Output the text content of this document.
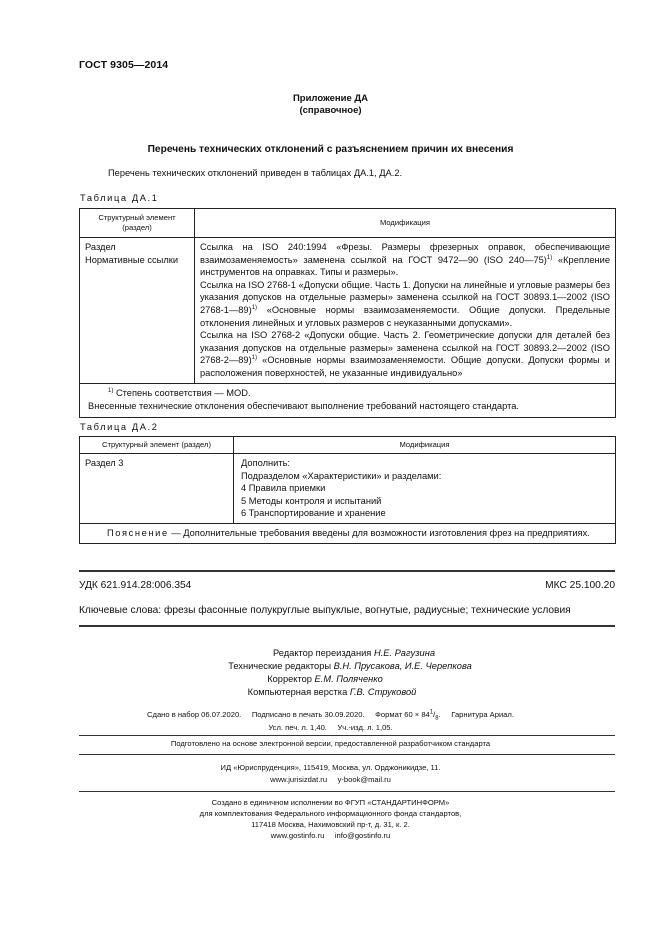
ГОСТ 9305—2014
Приложение ДА
(справочное)
Перечень технических отклонений с разъяснением причин их внесения
Перечень технических отклонений приведен в таблицах ДА.1, ДА.2.
Таблица ДА.1
Структурный элемент (раздел)	Модификация

Раздел
Нормативные ссылки	Ссылка на ISO 240:1994 «Фрезы. Размеры фрезерных оправок, обеспечивающие взаимозаменяемость» заменена ссылкой на ГОСТ 9472—90 (ISO 240—75)$^{1)}$ «Крепление инструментов на оправках. Типы и размеры».
Ссылка на ISO 2768-1 «Допуски общие. Часть 1. Допуски на линейные и угловые размеры без указания допусков на отдельные размеры» заменена ссылкой на ГОСТ 30893.1—2002 (ISO 2768-1—89)$^{1)}$ «Основные нормы взаимозаменяемости. Общие допуски. Предельные отклонения линейных и угловых размеров с неуказанными допусками».
Ссылка на ISO 2768-2 «Допуски общие. Часть 2. Геометрические допуски для деталей без указания допусков на отдельные размеры» заменена ссылкой на ГОСТ 30893.2—2002 (ISO 2768-2—89)$^{1)}$ «Основные нормы взаимозаменяемости. Общие допуски. Допуски формы и расположения поверхностей, не указанные индивидуально»

$^{1)}$ Степень соответствия — MOD.
Внесенные технические отклонения обеспечивают выполнение требований настоящего стандарта.	
Таблица ДА.2
Структурный элемент (раздел)	Модификация
Раздел 3	Дополнить:
Подразделом «Характеристики» и разделами:
4 Правила приемки
5 Методы контроля и испытаний
6 Транспортирование и хранение

Пояснение — Дополнительные требования введены для возможности изготовления фрез на предприятиях.	
УДК 621.914.28:006.354	МКС 25.100.20
Ключевые слова: фрезы фасонные полукруглые выпуклые, вогнутые, радиусные; технические условия
Редактор переиздания Н.Е. Рагузина
Технические редакторы В.Н. Прусакова, И.Е. Черепкова
Корректор Е.М. Поляченко
Компьютерная верстка Г.В. Струковой
Сдано в набор 06.07.2020.     Подписано в печать 30.09.2020.     Формат $60 \times 84^1/_8$.     Гарнитура Ариал.
Усл. печ. л. 1,40.     Уч.-изд. л. 1,05.
Подготовлено на основе электронной версии, предоставленной разработчиком стандарта
ИД «Юриспруденция», 115419, Москва, ул. Орджоникидзе, 11.
www.jurisizdat.ru     y-book@mail.ru
Создано в единичном исполнении во ФГУП «СТАНДАРТИНФОРМ»
для комплектования Федерального информационного фонда стандартов,
117418 Москва, Нахимовский пр-т, д. 31, к. 2.
www.gostinfo.ru     info@gostinfo.ru
